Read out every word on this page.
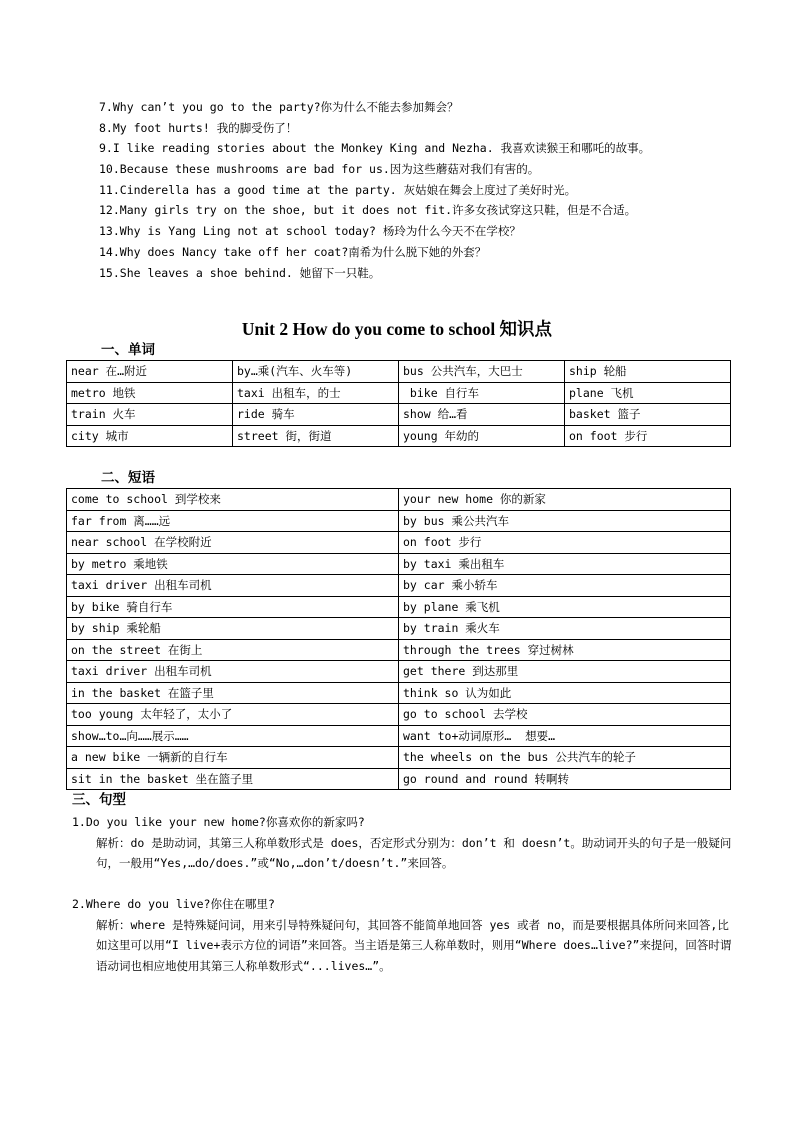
7.Why can’t you go to the party?你为什么不能去参加舞会？
8.My foot hurts! 我的脚受伤了！
9.I like reading stories about the Monkey King and Nezha. 我喜欢读猴王和哪吒的故事。
10.Because these mushrooms are bad for us.因为这些蘑菇对我们有害的。
11.Cinderella has a good time at the party. 灰姑娘在舞会上度过了美好时光。
12.Many girls try on the shoe, but it does not fit.许多女孩试穿这只鞋，但是不合适。
13.Why is Yang Ling not at school today? 杨玲为什么今天不在学校？
14.Why does Nancy take off her coat?南希为什么脱下她的外套？
15.She leaves a shoe behind. 她留下一只鞋。
Unit 2 How do you come to school 知识点
一、单词
near 在…附近	by…乘(汽车、火车等)	bus 公共汽车，大巴士	ship 轮船
metro 地铁	taxi 出租车，的士	bike 自行车	plane 飞机
train 火车	ride 骑车	show 给…看	basket 篮子
city 城市	street 街，街道	young 年幼的	on foot 步行
二、短语
come to school 到学校来	your new home 你的新家
far from 离……远	by bus 乘公共汽车
near school 在学校附近	on foot 步行
by metro 乘地铁	by taxi 乘出租车
taxi driver 出租车司机	by car 乘小轿车
by bike 骑自行车	by plane 乘飞机
by ship 乘轮船	by train 乘火车
on the street 在街上	through the trees 穿过树林
taxi driver 出租车司机	get there 到达那里
in the basket 在篮子里	think so 认为如此
too young 太年轻了，太小了	go to school 去学校
show…to…向……展示……	want to+动词原形…  想要…
a new bike 一辆新的自行车	the wheels on the bus 公共汽车的轮子
sit in the basket 坐在篮子里	go round and round 转啊转
三、句型
1.Do you like your new home?你喜欢你的新家吗?
解析：do 是助动词，其第三人称单数形式是 does，否定形式分别为：don’t 和 doesn’t。助动词开头的句子是一般疑问句，一般用“Yes,…do/does.”或“No,…don’t/doesn’t.”来回答。
2.Where do you live?你住在哪里?
解析：where 是特殊疑问词，用来引导特殊疑问句，其回答不能简单地回答 yes 或者 no，而是要根据具体所问来回答,比如这里可以用“I live+表示方位的词语”来回答。当主语是第三人称单数时，则用“Where does…live?”来提问，回答时谓语动词也相应地使用其第三人称单数形式“...lives…”。
